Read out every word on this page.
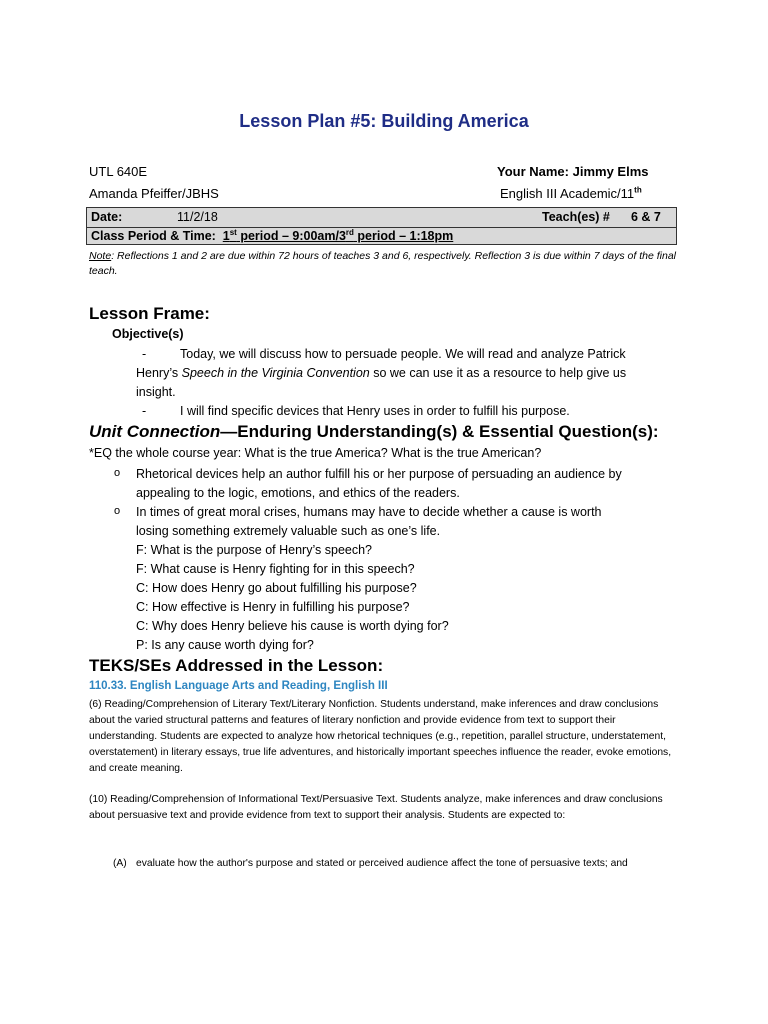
Lesson Plan #5: Building America
UTL 640E	Your Name: Jimmy Elms
Amanda Pfeiffer/JBHS	English III Academic/11th
Date:	11/2/18	Teach(es) #	6 & 7
Class Period & Time: 1st period – 9:00am/3rd period – 1:18pm
Note: Reflections 1 and 2 are due within 72 hours of teaches 3 and 6, respectively. Reflection 3 is due within 7 days of the final teach.
Lesson Frame:
Objective(s)
-	Today, we will discuss how to persuade people. We will read and analyze Patrick
Henry’s Speech in the Virginia Convention so we can use it as a resource to help give us
insight.
-	I will find specific devices that Henry uses in order to fulfill his purpose.
Unit Connection—Enduring Understanding(s) & Essential Question(s):
*EQ the whole course year: What is the true America? What is the true American?
o Rhetorical devices help an author fulfill his or her purpose of persuading an audience by
appealing to the logic, emotions, and ethics of the readers.
o In times of great moral crises, humans may have to decide whether a cause is worth
losing something extremely valuable such as one’s life.
F: What is the purpose of Henry’s speech?
F: What cause is Henry fighting for in this speech?
C: How does Henry go about fulfilling his purpose?
C: How effective is Henry in fulfilling his purpose?
C: Why does Henry believe his cause is worth dying for?
P: Is any cause worth dying for?
TEKS/SEs Addressed in the Lesson:
110.33. English Language Arts and Reading, English III
(6) Reading/Comprehension of Literary Text/Literary Nonfiction. Students understand, make inferences and draw conclusions about the varied structural patterns and features of literary nonfiction and provide evidence from text to support their understanding. Students are expected to analyze how rhetorical techniques (e.g., repetition, parallel structure, understatement, overstatement) in literary essays, true life adventures, and historically important speeches influence the reader, evoke emotions, and create meaning.
(10) Reading/Comprehension of Informational Text/Persuasive Text. Students analyze, make inferences and draw conclusions about persuasive text and provide evidence from text to support their analysis. Students are expected to:
(A) evaluate how the author's purpose and stated or perceived audience affect the tone of persuasive texts; and
